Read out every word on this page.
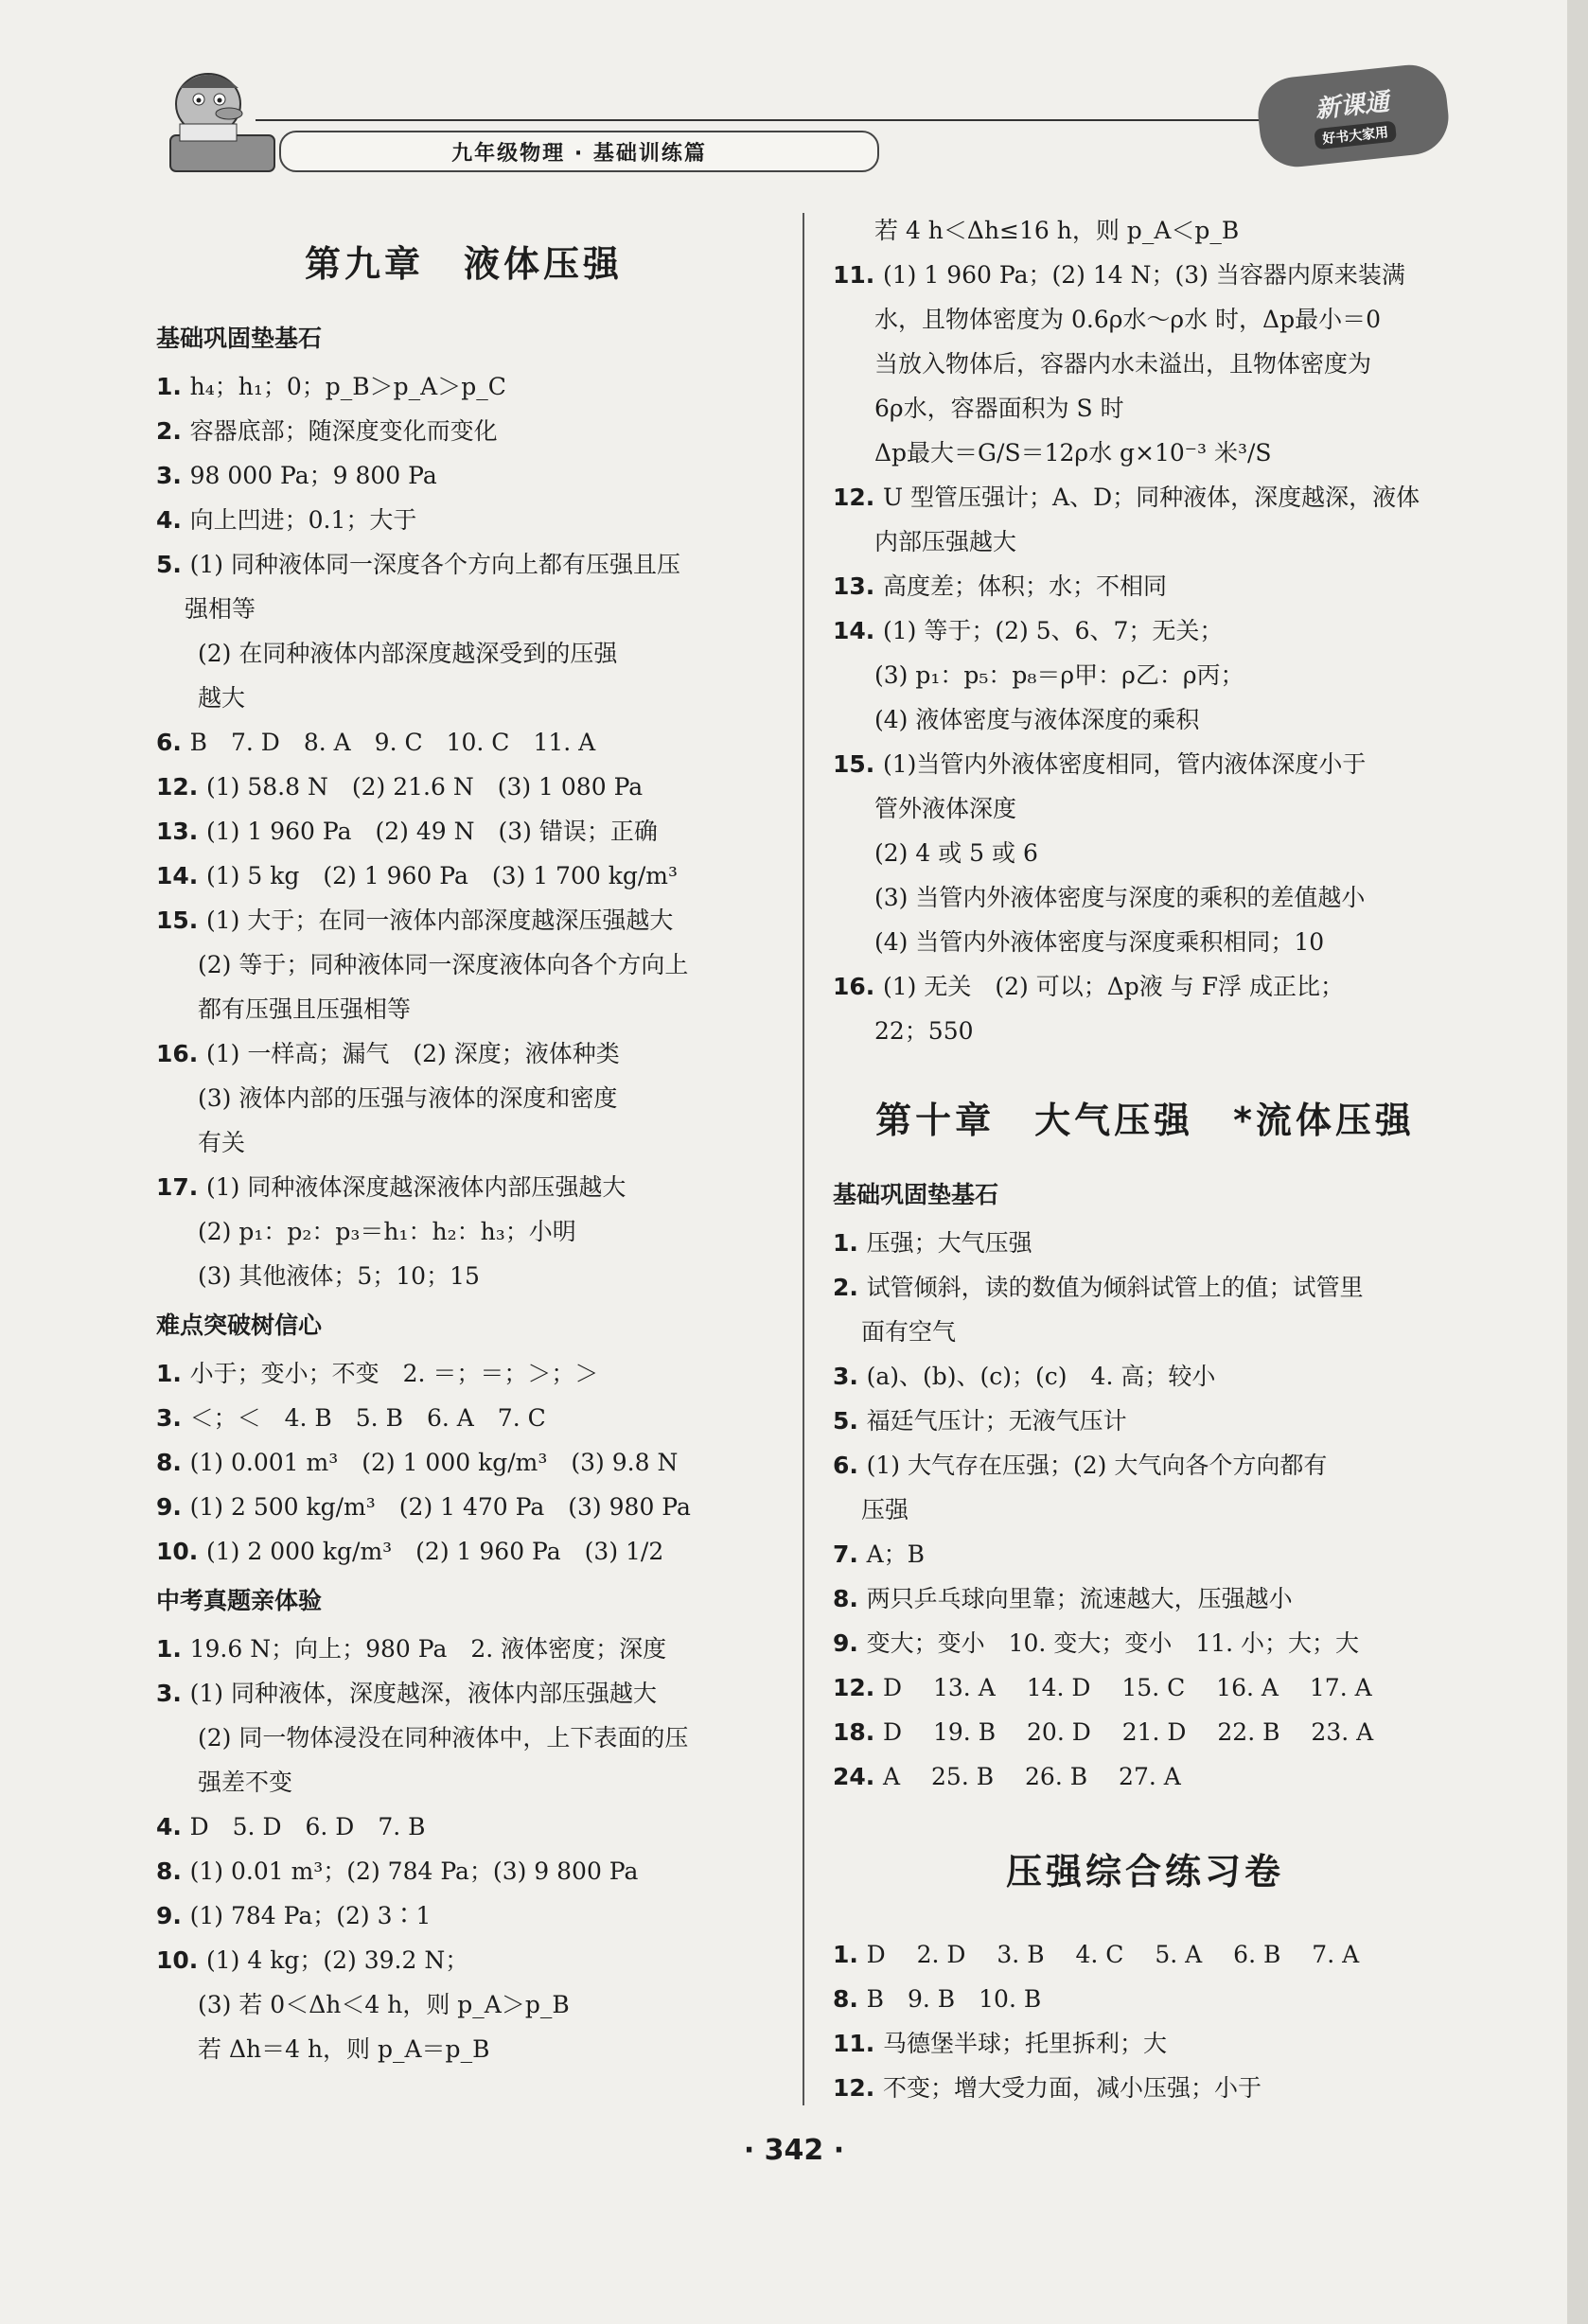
九年级物理 · 基础训练篇
新课通
好书大家用
第九章　液体压强
基础巩固垫基石
1. h₄；h₁；0；p_B＞p_A＞p_C
2. 容器底部；随深度变化而变化
3. 98 000 Pa；9 800 Pa
4. 向上凹进；0.1；大于
5. (1) 同种液体同一深度各个方向上都有压强且压
强相等
(2) 在同种液体内部深度越深受到的压强
越大
6. B　7. D　8. A　9. C　10. C　11. A
12. (1) 58.8 N　(2) 21.6 N　(3) 1 080 Pa
13. (1) 1 960 Pa　(2) 49 N　(3) 错误；正确
14. (1) 5 kg　(2) 1 960 Pa　(3) 1 700 kg/m³
15. (1) 大于；在同一液体内部深度越深压强越大
(2) 等于；同种液体同一深度液体向各个方向上
都有压强且压强相等
16. (1) 一样高；漏气　(2) 深度；液体种类
(3) 液体内部的压强与液体的深度和密度
有关
17. (1) 同种液体深度越深液体内部压强越大
(2) p₁：p₂：p₃＝h₁：h₂：h₃；小明
(3) 其他液体；5；10；15
难点突破树信心
1. 小于；变小；不变　2. ＝；＝；＞；＞
3. ＜；＜　4. B　5. B　6. A　7. C
8. (1) 0.001 m³　(2) 1 000 kg/m³　(3) 9.8 N
9. (1) 2 500 kg/m³　(2) 1 470 Pa　(3) 980 Pa
10. (1) 2 000 kg/m³　(2) 1 960 Pa　(3) 1/2
中考真题亲体验
1. 19.6 N；向上；980 Pa　2. 液体密度；深度
3. (1) 同种液体，深度越深，液体内部压强越大
(2) 同一物体浸没在同种液体中，上下表面的压
强差不变
4. D　5. D　6. D　7. B
8. (1) 0.01 m³；(2) 784 Pa；(3) 9 800 Pa
9. (1) 784 Pa；(2) 3∶1
10. (1) 4 kg；(2) 39.2 N；
(3) 若 0＜Δh＜4 h，则 p_A＞p_B
若 Δh＝4 h，则 p_A＝p_B
若 4 h＜Δh≤16 h，则 p_A＜p_B
11. (1) 1 960 Pa；(2) 14 N；(3) 当容器内原来装满
水，且物体密度为 0.6ρ水～ρ水 时，Δp最小＝0
当放入物体后，容器内水未溢出，且物体密度为
6ρ水，容器面积为 S 时
Δp最大＝G/S＝12ρ水 g×10⁻³ 米³/S
12. U 型管压强计；A、D；同种液体，深度越深，液体
内部压强越大
13. 高度差；体积；水；不相同
14. (1) 等于；(2) 5、6、7；无关；
(3) p₁：p₅：p₈＝ρ甲：ρ乙：ρ丙；
(4) 液体密度与液体深度的乘积
15. (1)当管内外液体密度相同，管内液体深度小于
管外液体深度
(2) 4 或 5 或 6
(3) 当管内外液体密度与深度的乘积的差值越小
(4) 当管内外液体密度与深度乘积相同；10
16. (1) 无关　(2) 可以；Δp液 与 F浮 成正比；
22；550
第十章　大气压强　*流体压强
基础巩固垫基石
1. 压强；大气压强
2. 试管倾斜，读的数值为倾斜试管上的值；试管里
面有空气
3. (a)、(b)、(c)；(c)　4. 高；较小
5. 福廷气压计；无液气压计
6. (1) 大气存在压强；(2) 大气向各个方向都有
压强
7. A；B
8. 两只乒乓球向里靠；流速越大，压强越小
9. 变大；变小　10. 变大；变小　11. 小；大；大
12. D　 13. A　 14. D　 15. C　 16. A　 17. A
18. D　 19. B　 20. D　 21. D　 22. B　 23. A
24. A　 25. B　 26. B　 27. A
压强综合练习卷
1. D　 2. D　 3. B　 4. C　 5. A　 6. B　 7. A
8. B　9. B　10. B
11. 马德堡半球；托里拆利；大
12. 不变；增大受力面，减小压强；小于
· 342 ·
